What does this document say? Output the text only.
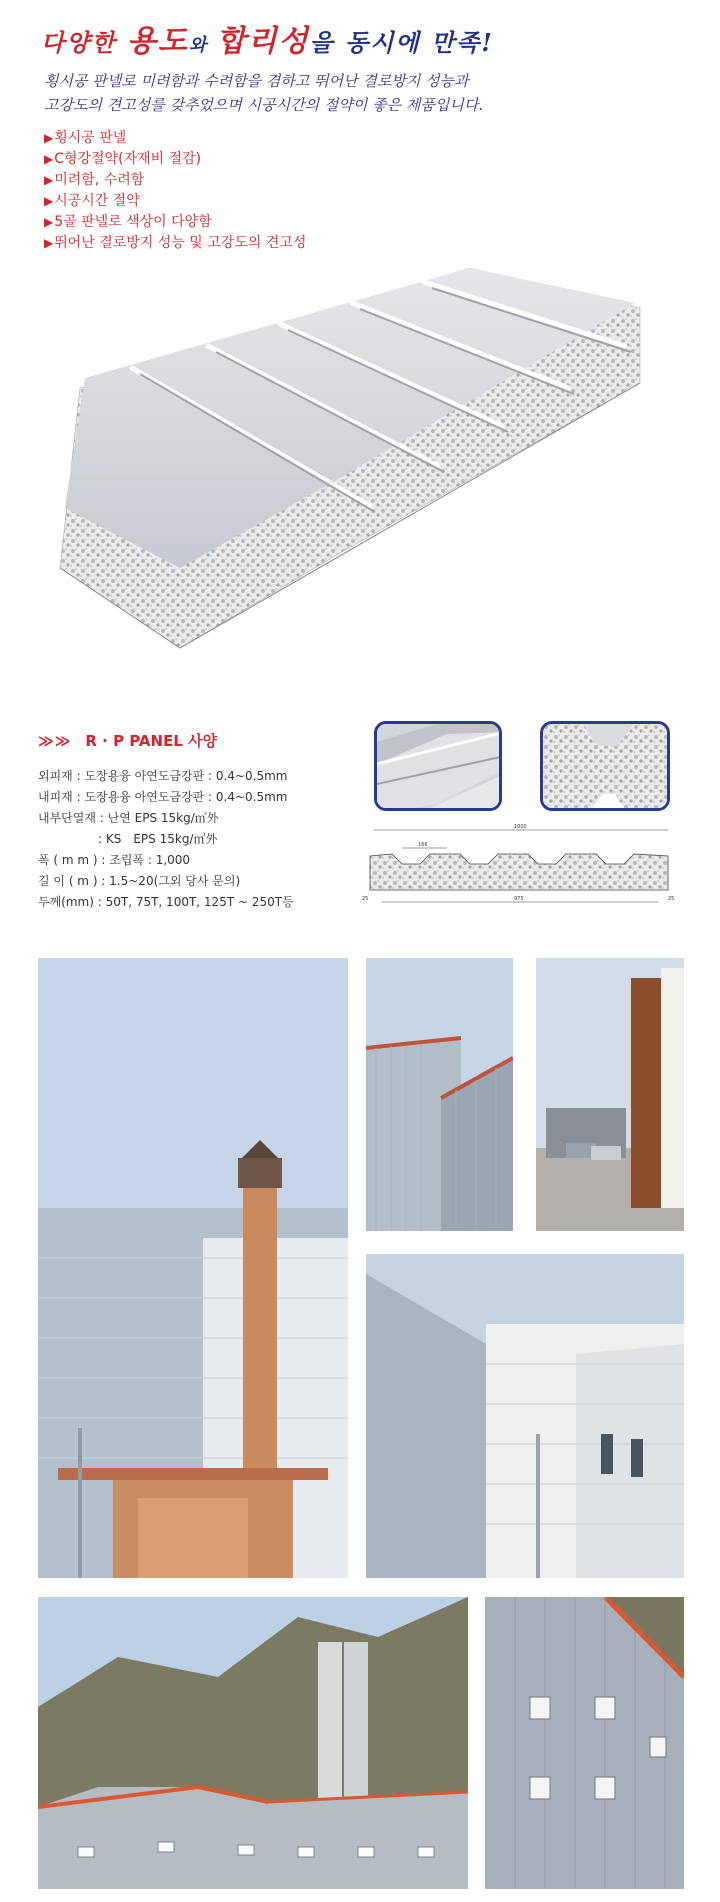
다양한 용도와 합리성을 동시에 만족!
횡시공 판넬로 미려함과 수려함을 겸하고 뛰어난 결로방지 성능과
고강도의 견고성를 갖추었으며 시공시간의 절약이 좋은 제품입니다.
▶ 횡시공 판넬
▶ C형강절약(자재비 절감)
▶ 미려함, 수려함
▶ 시공시간 절약
▶ 5골 판넬로 색상이 다양함
▶ 뛰어난 결로방지 성능 및 고강도의 견고성
≫≫ R · P PANEL 사양
외피재 : 도장용융 아연도금강판 : 0.4~0.5mm
내피재 : 도장용융 아연도금강판 : 0.4~0.5mm
내부단열재 : 난연 EPS 15kg/㎥外
　　　　　: KS　EPS 15kg/㎥外
폭 ( m m ) : 조립폭 : 1,000
길 이 ( m ) : 1.5~20(그외 당사 문의)
두께(mm) : 50T, 75T, 100T, 125T ~ 250T등
1000
166
975
25	25
